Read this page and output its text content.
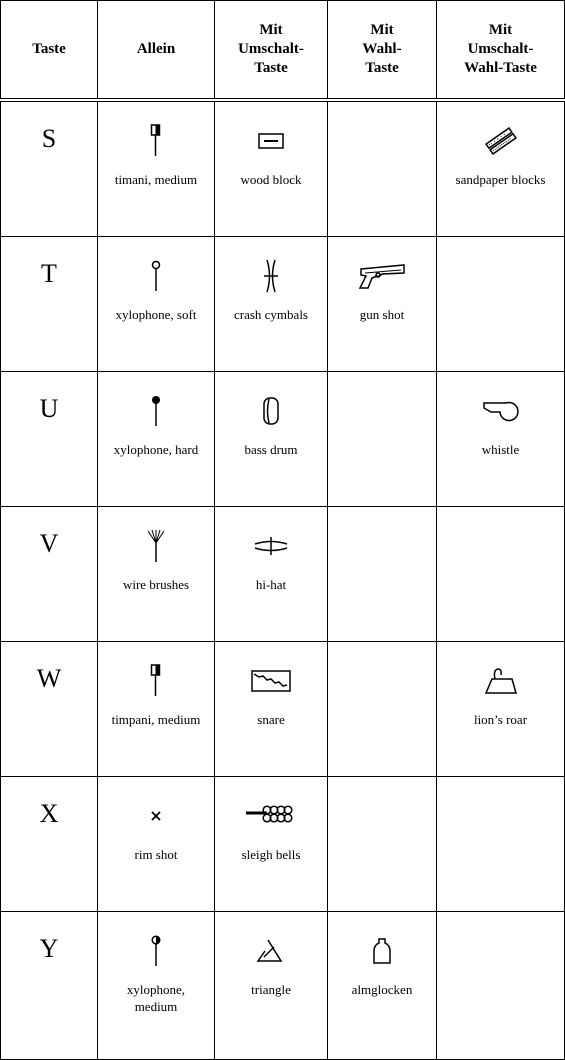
Taste	Allein	Mit
Umschalt-
Taste	Mit
Wahl-
Taste	Mit
Umschalt-
Wahl-Taste
S	timani, medium	wood block		sandpaper blocks

T	xylophone, soft	crash cymbals	gun shot	

U	xylophone, hard	bass drum		whistle

V	wire brushes	hi-hat		

W	timpani, medium	snare		lion’s roar

X	rim shot	sleigh bells		

Y	xylophone,
medium	triangle	almglocken	
